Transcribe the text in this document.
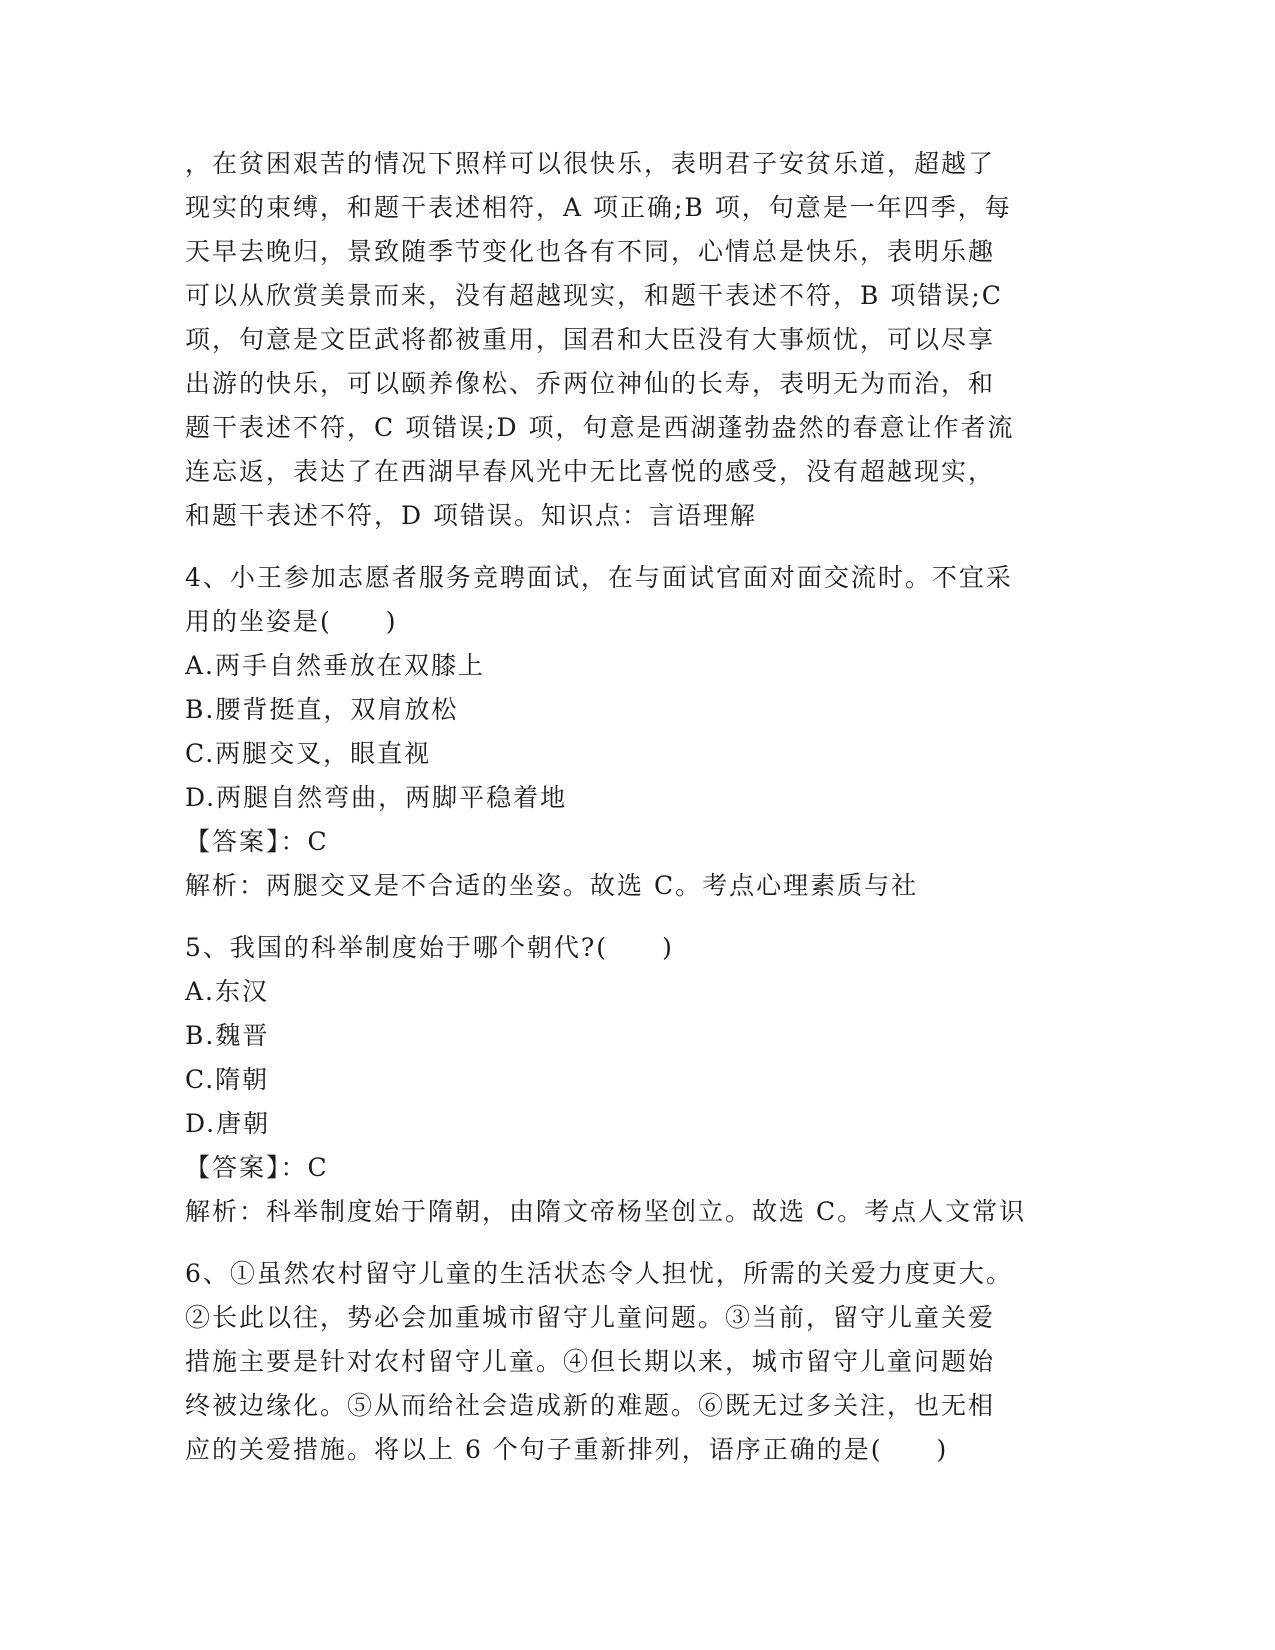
，在贫困艰苦的情况下照样可以很快乐，表明君子安贫乐道，超越了
现实的束缚，和题干表述相符，A 项正确;B 项，句意是一年四季，每
天早去晚归，景致随季节变化也各有不同，心情总是快乐，表明乐趣
可以从欣赏美景而来，没有超越现实，和题干表述不符，B 项错误;C
项，句意是文臣武将都被重用，国君和大臣没有大事烦忧，可以尽享
出游的快乐，可以颐养像松、乔两位神仙的长寿，表明无为而治，和
题干表述不符，C 项错误;D 项，句意是西湖蓬勃盎然的春意让作者流
连忘返，表达了在西湖早春风光中无比喜悦的感受，没有超越现实，
和题干表述不符，D 项错误。知识点：言语理解
4、小王参加志愿者服务竞聘面试，在与面试官面对面交流时。不宜采
用的坐姿是(　　)
A.两手自然垂放在双膝上
B.腰背挺直，双肩放松
C.两腿交叉，眼直视
D.两腿自然弯曲，两脚平稳着地
【答案】：C
解析：两腿交叉是不合适的坐姿。故选 C。考点心理素质与社
5、我国的科举制度始于哪个朝代?(　　)
A.东汉
B.魏晋
C.隋朝
D.唐朝
【答案】：C
解析：科举制度始于隋朝，由隋文帝杨坚创立。故选 C。考点人文常识
6、①虽然农村留守儿童的生活状态令人担忧，所需的关爱力度更大。
②长此以往，势必会加重城市留守儿童问题。③当前，留守儿童关爱
措施主要是针对农村留守儿童。④但长期以来，城市留守儿童问题始
终被边缘化。⑤从而给社会造成新的难题。⑥既无过多关注，也无相
应的关爱措施。将以上 6 个句子重新排列，语序正确的是(　　)
